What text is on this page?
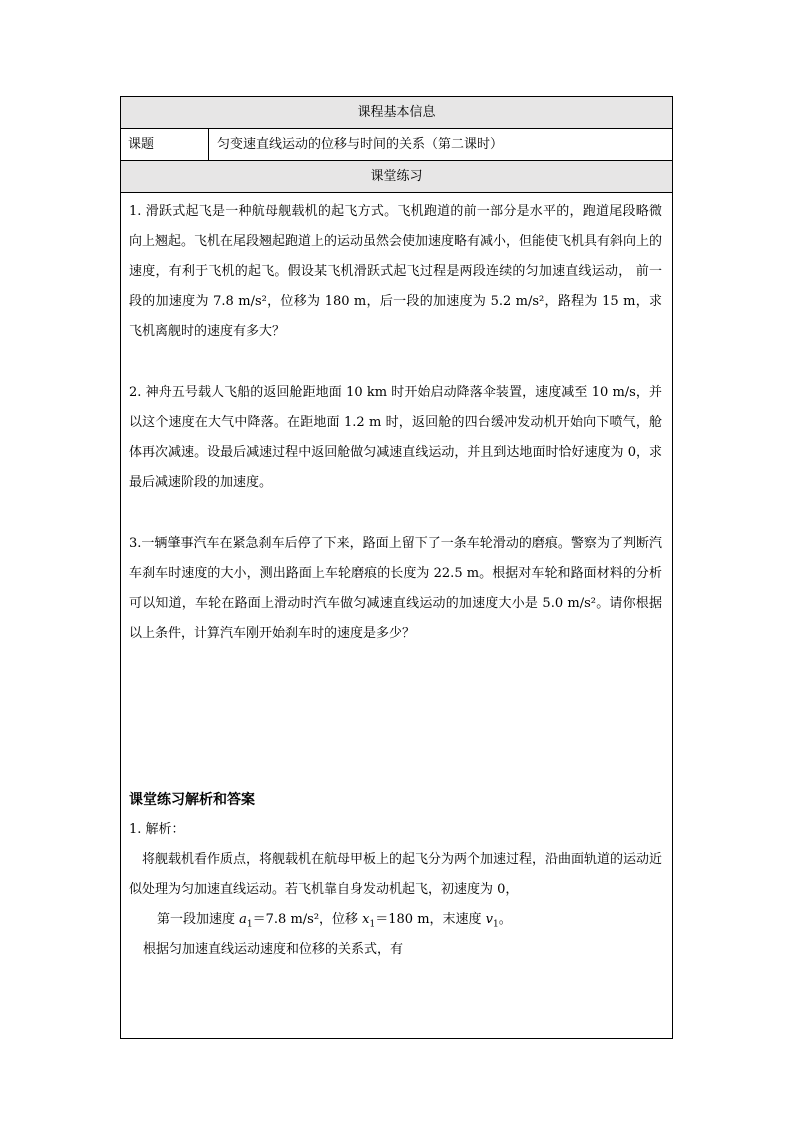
课程基本信息
课题	匀变速直线运动的位移与时间的关系（第二课时）
课堂练习

1. 滑跃式起飞是一种航母舰载机的起飞方式。飞机跑道的前一部分是水平的，跑道尾段略微向上翘起。飞机在尾段翘起跑道上的运动虽然会使加速度略有减小，但能使飞机具有斜向上的速度，有利于飞机的起飞。假设某飞机滑跃式起飞过程是两段连续的匀加速直线运动， 前一段的加速度为 7.8 m/s²，位移为 180 m，后一段的加速度为 5.2 m/s²，路程为 15 m，求飞机离舰时的速度有多大？

2. 神舟五号载人飞船的返回舱距地面 10 km 时开始启动降落伞装置，速度减至 10 m/s，并 以这个速度在大气中降落。在距地面 1.2 m 时，返回舱的四台缓冲发动机开始向下喷气，舱体再次减速。设最后减速过程中返回舱做匀减速直线运动，并且到达地面时恰好速度为 0，求最后减速阶段的加速度。

3.一辆肇事汽车在紧急刹车后停了下来，路面上留下了一条车轮滑动的磨痕。警察为了判断汽车刹车时速度的大小，测出路面上车轮磨痕的长度为 22.5 m。根据对车轮和路面材料的分析可以知道，车轮在路面上滑动时汽车做匀减速直线运动的加速度大小是 5.0 m/s²。请你根据以上条件，计算汽车刚开始刹车时的速度是多少？

课堂练习解析和答案

1. 解析：

将舰载机看作质点，将舰载机在航母甲板上的起飞分为两个加速过程，沿曲面轨道的运动近似处理为匀加速直线运动。若飞机靠自身发动机起飞，初速度为 0，

第一段加速度 $a_1=7.8$ m/s²，位移 $x_1=180$ m，末速度 $v_1$。

根据匀加速直线运动速度和位移的关系式，有
